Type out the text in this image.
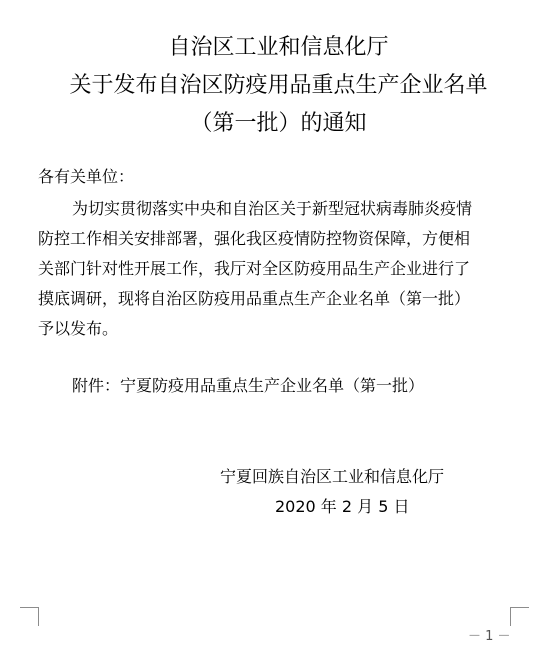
自治区工业和信息化厅
关于发布自治区防疫用品重点生产企业名单
（第一批）的通知
各有关单位：
为切实贯彻落实中央和自治区关于新型冠状病毒肺炎疫情
防控工作相关安排部署，强化我区疫情防控物资保障，方便相
关部门针对性开展工作，我厅对全区防疫用品生产企业进行了
摸底调研，现将自治区防疫用品重点生产企业名单（第一批）
予以发布。
附件：宁夏防疫用品重点生产企业名单（第一批）
宁夏回族自治区工业和信息化厅
2020 年 2 月 5 日
－ 1 －
